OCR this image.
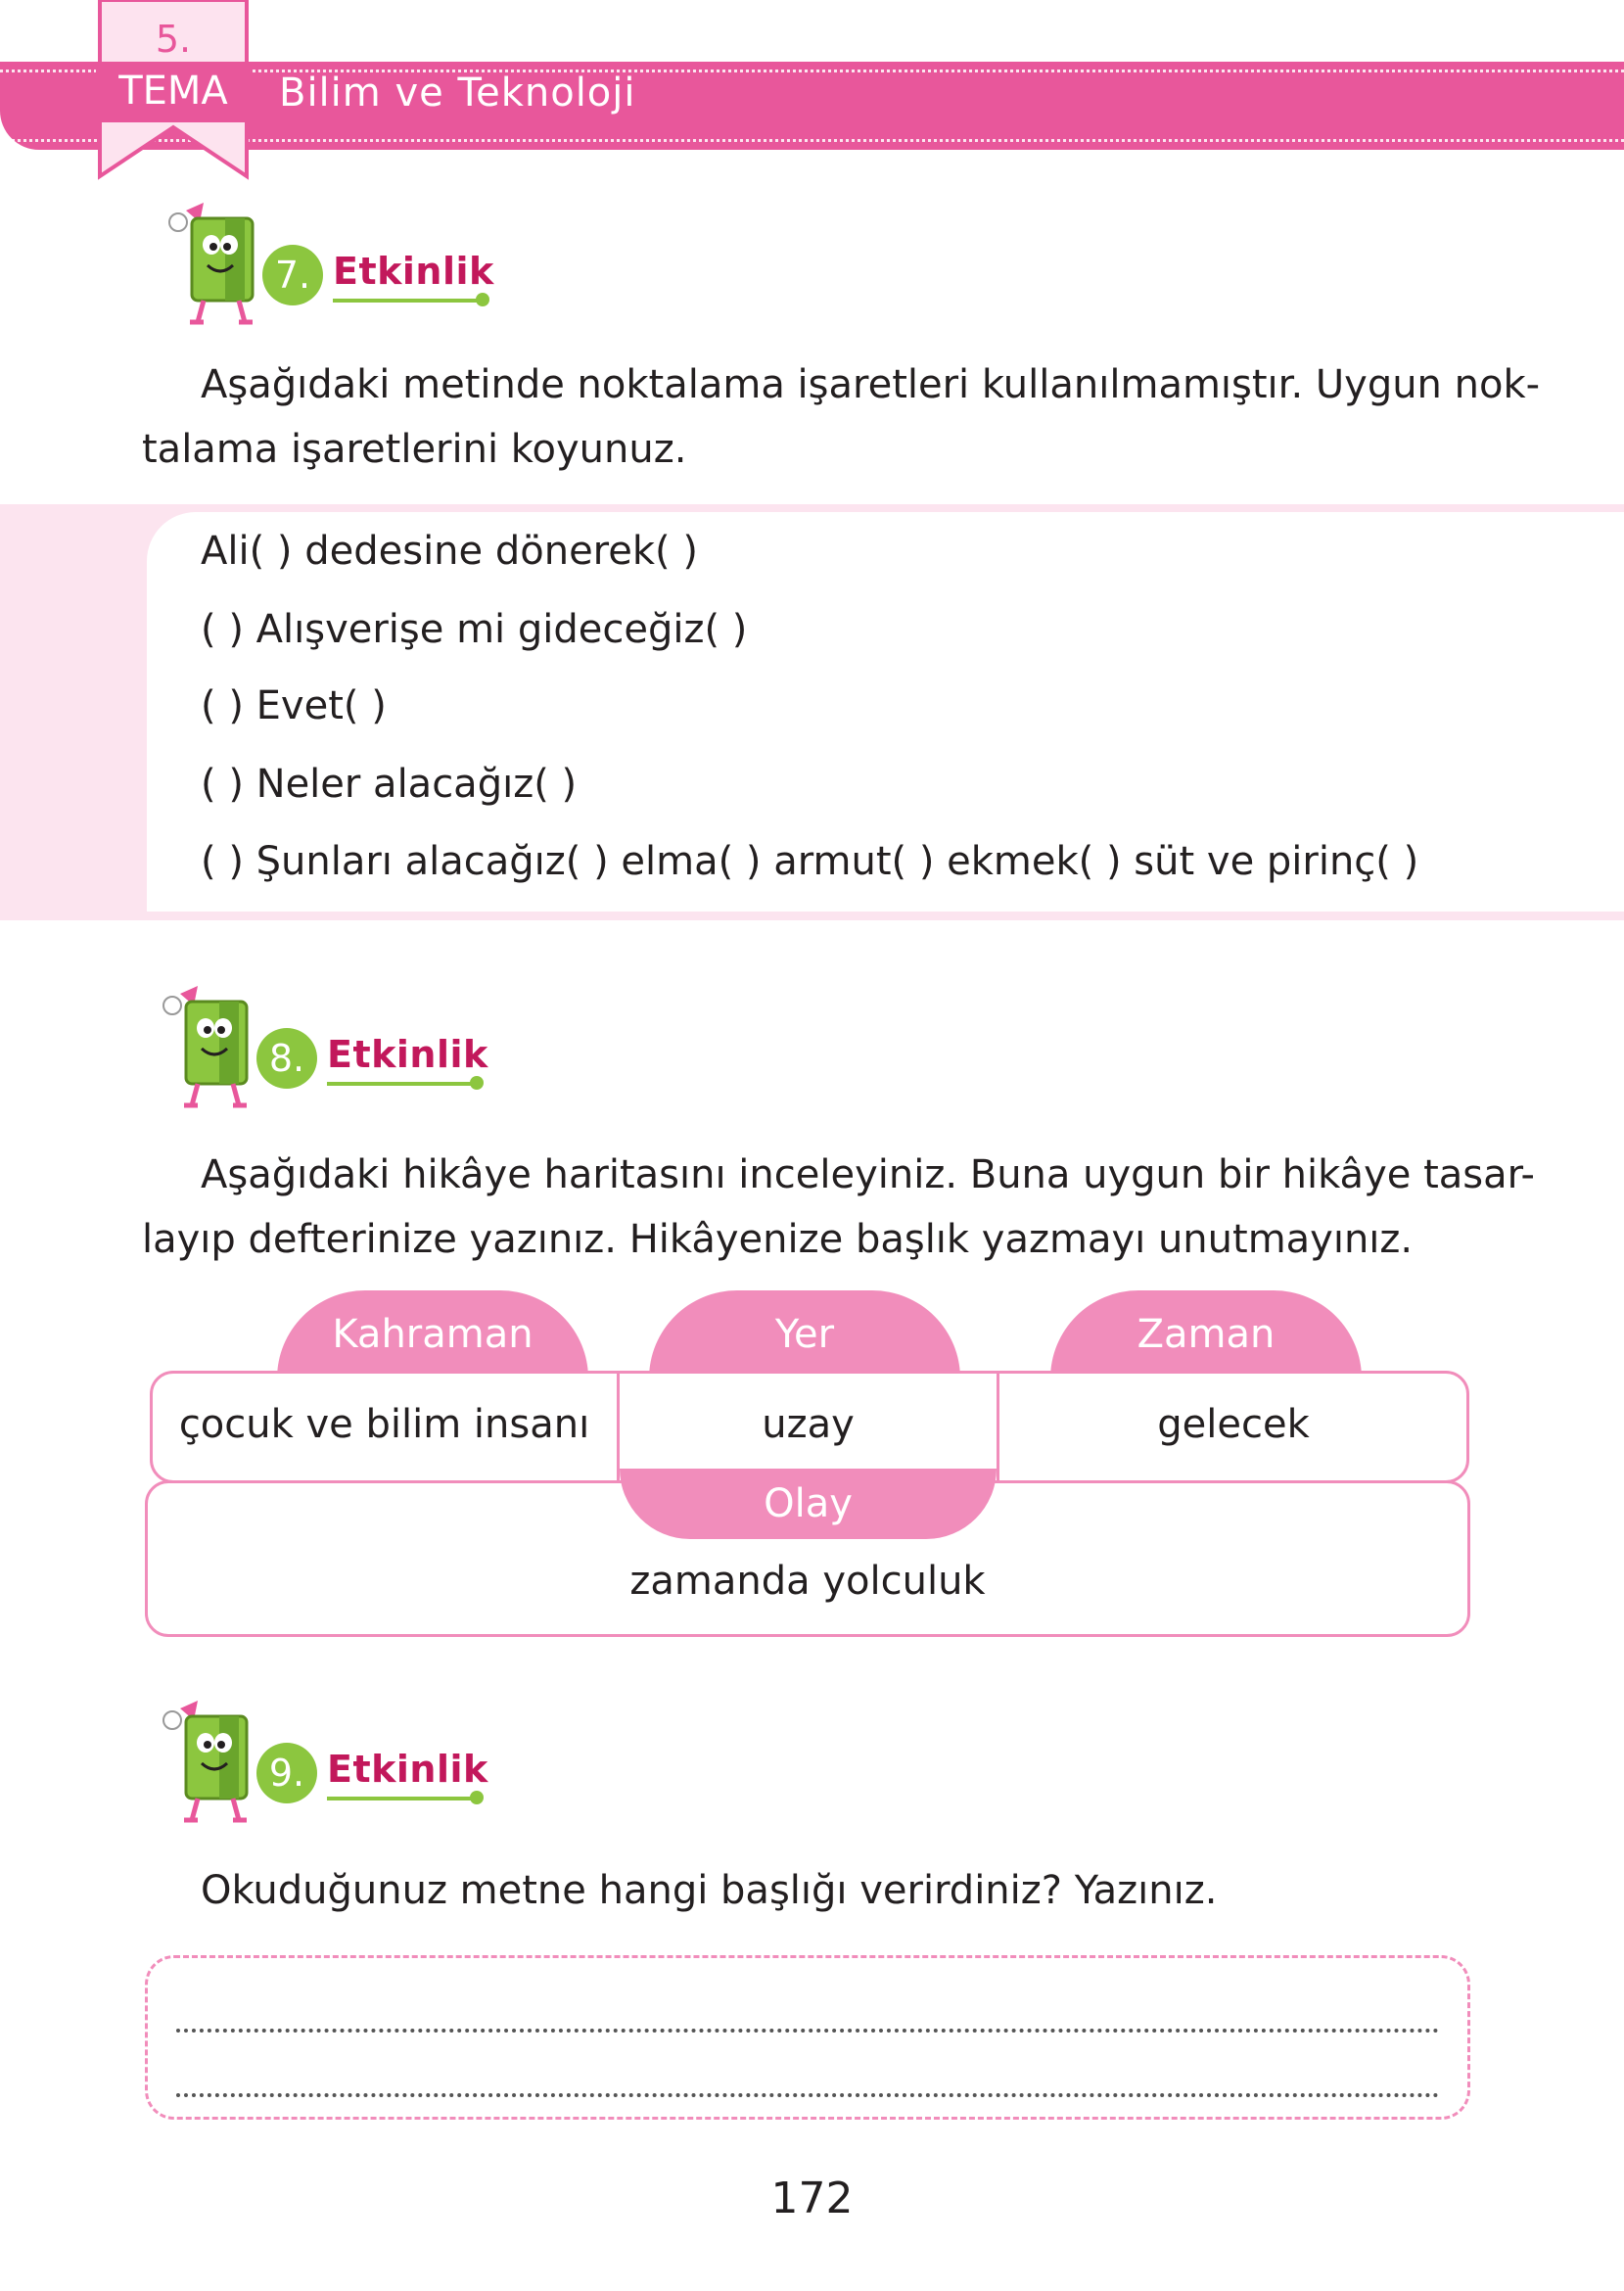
5.
TEMA	Bilim ve Teknoloji
7. Etkinlik
Aşağıdaki metinde noktalama işaretleri kullanılmamıştır. Uygun nok-
talama işaretlerini koyunuz.
Ali( ) dedesine dönerek( )
( ) Alışverişe mi gideceğiz( )
( ) Evet( )
( ) Neler alacağız( )
( ) Şunları alacağız( ) elma( ) armut( ) ekmek( ) süt ve pirinç( )
8. Etkinlik
Aşağıdaki hikâye haritasını inceleyiniz. Buna uygun bir hikâye tasar-
layıp defterinize yazınız. Hikâyenize başlık yazmayı unutmayınız.
Kahraman	Yer	Zaman
çocuk ve bilim insanı	uzay	gelecek
Olay
zamanda yolculuk
9. Etkinlik
Okuduğunuz metne hangi başlığı verirdiniz? Yazınız.
172
